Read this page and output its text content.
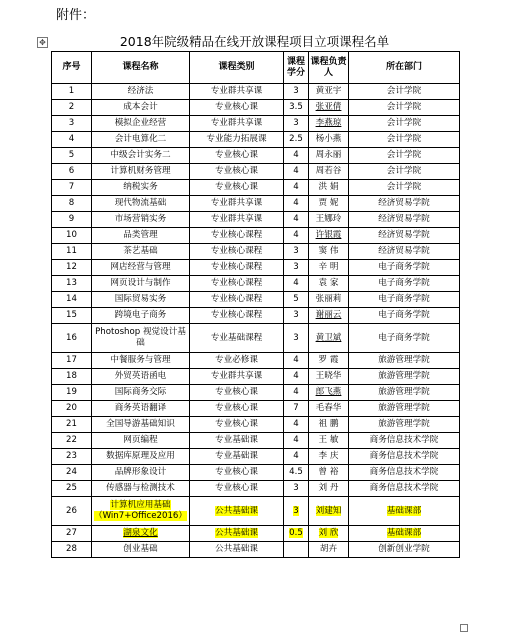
附件：
✥	2018年院级精品在线开放课程项目立项课程名单
序号	课程名称	课程类别	课程学分	课程负责人	所在部门
1	经济法	专业群共享课	3	黄亚宇	会计学院
2	成本会计	专业核心课	3.5	张亚倩	会计学院
3	模拟企业经营	专业群共享课	3	李燕琼	会计学院
4	会计电算化二	专业能力拓展课	2.5	杨小燕	会计学院
5	中级会计实务二	专业核心课	4	周永丽	会计学院
6	计算机财务管理	专业核心课	4	周若谷	会计学院
7	纳税实务	专业核心课	4	洪 娟	会计学院
8	现代物流基础	专业群共享课	4	贾 妮	经济贸易学院
9	市场营销实务	专业群共享课	4	王娜玲	经济贸易学院
10	品类管理	专业核心课程	4	许银霞	经济贸易学院
11	茶艺基础	专业核心课程	3	窦 伟	经济贸易学院
12	网店经营与管理	专业核心课程	3	辛 明	电子商务学院
13	网页设计与制作	专业核心课程	4	袁 家	电子商务学院
14	国际贸易实务	专业核心课程	5	张丽莉	电子商务学院
15	跨境电子商务	专业核心课程	3	谢丽云	电子商务学院
16	Photoshop 视觉设计基础	专业基础课程	3	黄卫斌	电子商务学院
17	中餐服务与管理	专业必修课	4	罗 霞	旅游管理学院
18	外贸英语函电	专业群共享课	4	王晓华	旅游管理学院
19	国际商务交际	专业核心课	4	郎飞燕	旅游管理学院
20	商务英语翻译	专业核心课	7	毛春华	旅游管理学院
21	全国导游基础知识	专业核心课	4	祖 鹏	旅游管理学院
22	网页编程	专业基础课	4	王 敏	商务信息技术学院
23	数据库原理及应用	专业基础课	4	李 庆	商务信息技术学院
24	品牌形象设计	专业核心课	4.5	曾 裕	商务信息技术学院
25	传感器与检测技术	专业核心课	3	刘 丹	商务信息技术学院
26	计算机应用基础（Win7+Office2016）	公共基础课	3	刘建知	基础课部
27	湖泉文化	公共基础课	0.5	刘 欣	基础课部
28	创业基础	公共基础课		胡卉	创新创业学院
